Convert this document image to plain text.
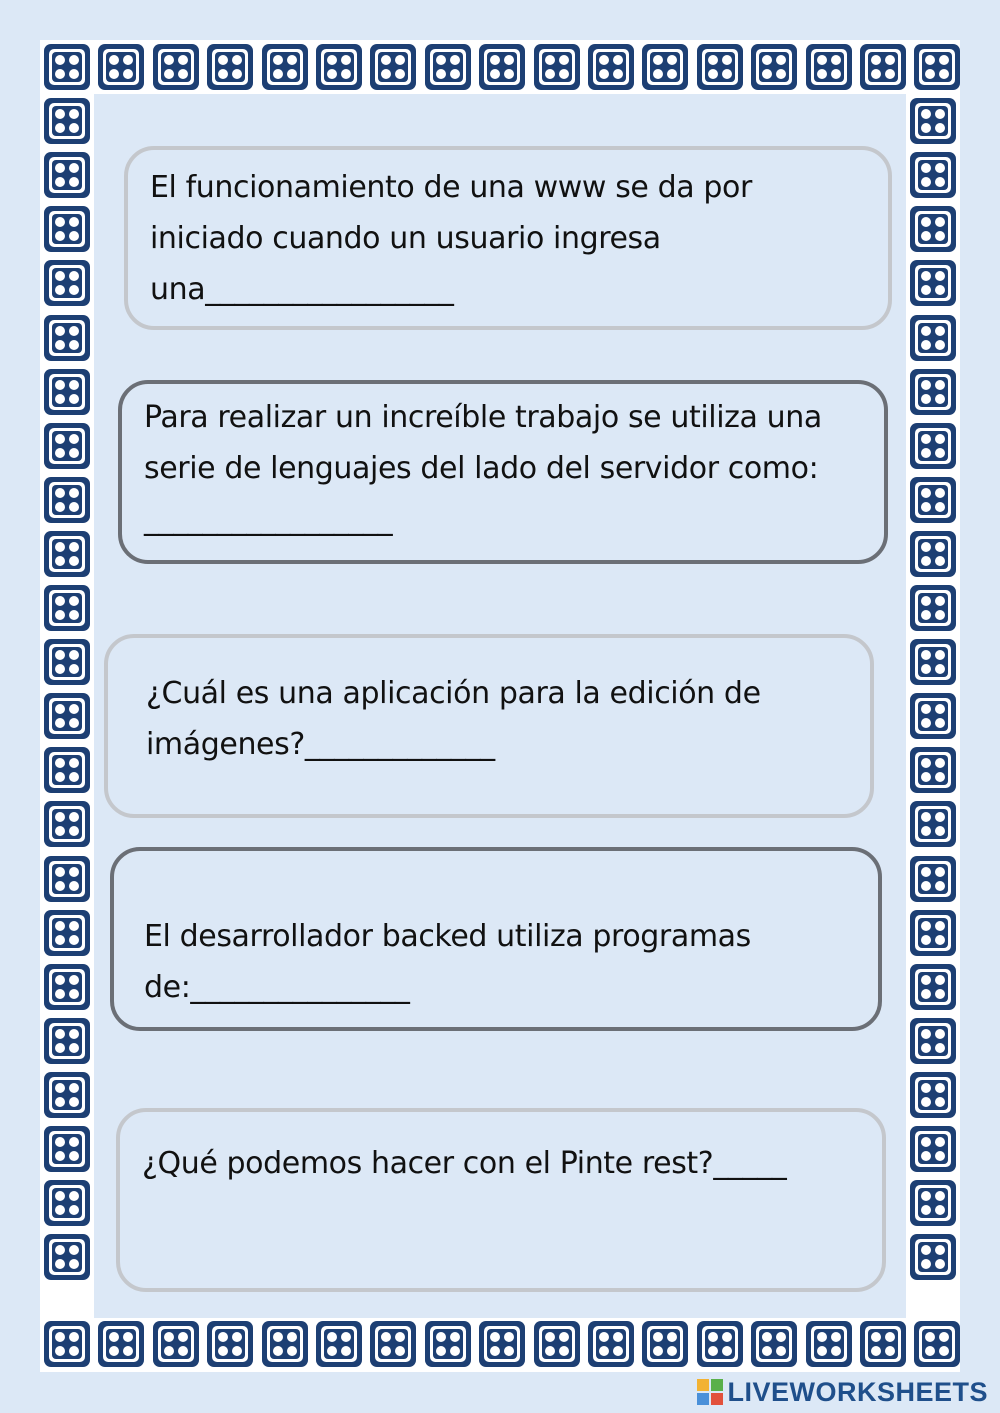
El funcionamiento de una www se da por iniciado cuando un usuario ingresa una_________________
Para realizar un increíble trabajo se utiliza una serie de lenguajes del lado del servidor como: _________________
¿Cuál es una aplicación para la edición de imágenes?_____________
El desarrollador backed utiliza programas de:_______________
¿Qué podemos hacer con el Pinte rest?_____
LIVEWORKSHEETS
